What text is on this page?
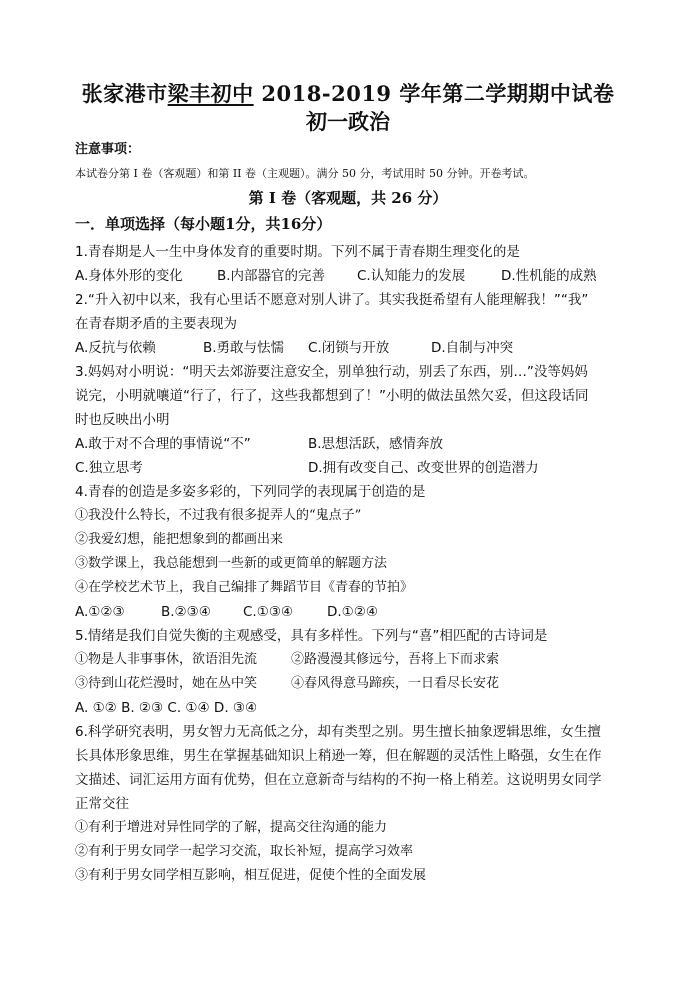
张家港市梁丰初中 2018-2019 学年第二学期期中试卷
初一政治
注意事项：
本试卷分第 I 卷（客观题）和第 II 卷（主观题）。满分 50 分，考试用时 50 分钟。开卷考试。
第 I 卷（客观题，共 26 分）
一．单项选择（每小题1分，共16分）
1.青春期是人一生中身体发育的重要时期。下列不属于青春期生理变化的是
A.身体外形的变化	B.内部器官的完善 C.认知能力的发展	D.性机能的成熟
2.“升入初中以来，我有心里话不愿意对别人讲了。其实我挺希望有人能理解我！”“我”
在青春期矛盾的主要表现为
A.反抗与依赖	B.勇敢与怯懦 C.闭锁与开放	D.自制与冲突
3.妈妈对小明说：“明天去郊游要注意安全，别单独行动，别丢了东西，别…”没等妈妈
说完，小明就嚷道“行了，行了，这些我都想到了！”小明的做法虽然欠妥，但这段话同
时也反映出小明
A.敢于对不合理的事情说“不”	B.思想活跃，感情奔放
C.独立思考	D.拥有改变自己、改变世界的创造潜力
4.青春的创造是多姿多彩的，下列同学的表现属于创造的是
①我没什么特长，不过我有很多捉弄人的“鬼点子”
②我爱幻想，能把想象到的都画出来
③数学课上，我总能想到一些新的或更简单的解题方法
④在学校艺术节上，我自己编排了舞蹈节目《青春的节拍》
A.①②③	B.②③④ C.①③④	D.①②④
5.情绪是我们自觉失衡的主观感受，具有多样性。下列与“喜”相匹配的古诗词是
①物是人非事事休，欲语泪先流	②路漫漫其修远兮，吾将上下而求索
③待到山花烂漫时，她在丛中笑	④春风得意马蹄疾，一日看尽长安花
A. ①② B. ②③ C. ①④ D. ③④
6.科学研究表明，男女智力无高低之分，却有类型之别。男生擅长抽象逻辑思维，女生擅
长具体形象思维，男生在掌握基础知识上稍逊一筹，但在解题的灵活性上略强，女生在作
文描述、词汇运用方面有优势，但在立意新奇与结构的不拘一格上稍差。这说明男女同学
正常交往
①有利于增进对异性同学的了解，提高交往沟通的能力
②有利于男女同学一起学习交流，取长补短，提高学习效率
③有利于男女同学相互影响，相互促进，促使个性的全面发展
